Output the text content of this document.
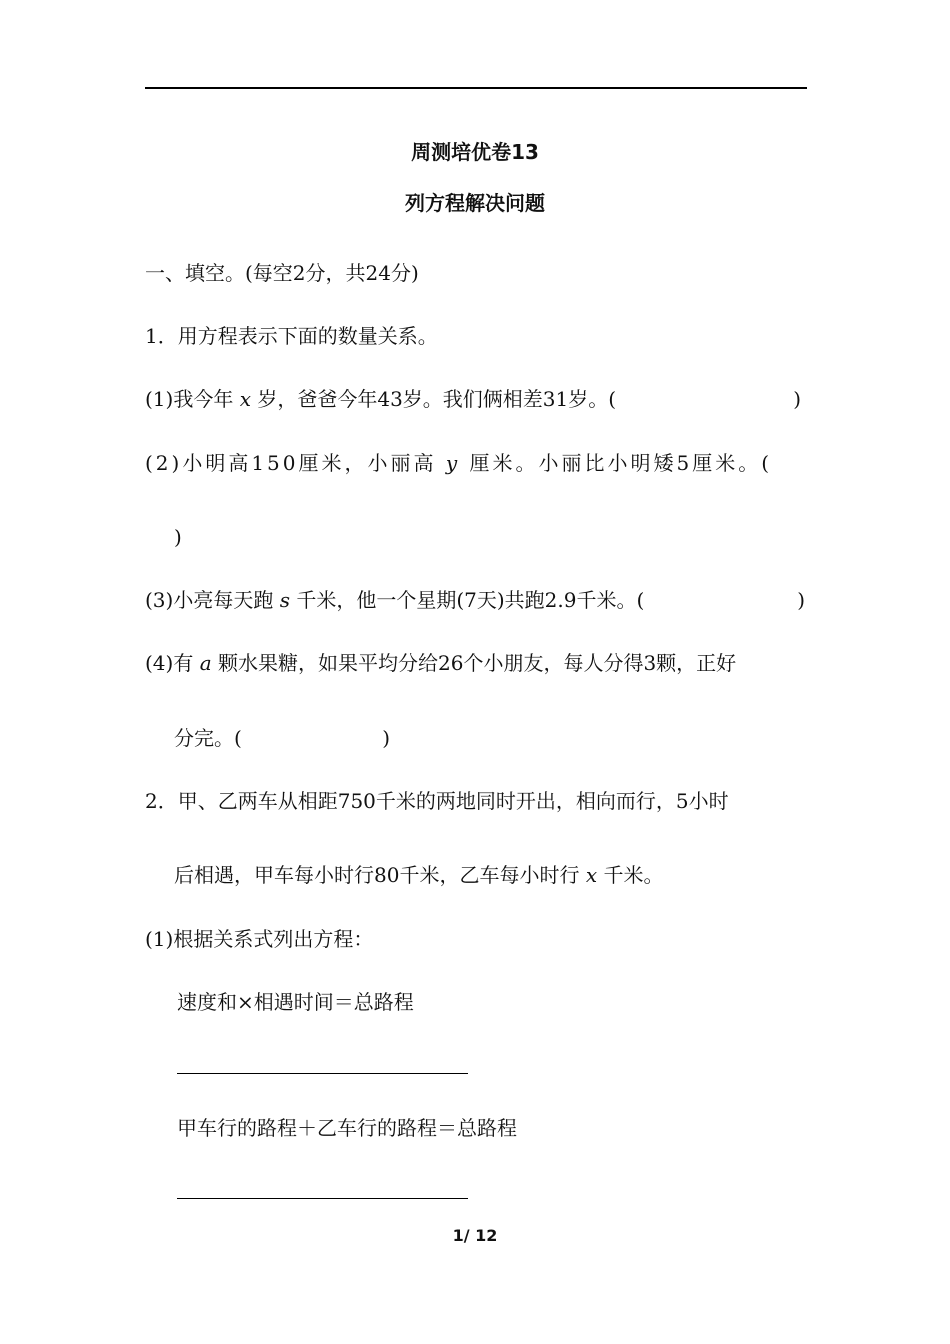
周测培优卷13
列方程解决问题
一、填空。(每空2分，共24分)
1．用方程表示下面的数量关系。
(1)我今年 x 岁，爸爸今年43岁。我们俩相差31岁。(	)
(2)小明高150厘米，小丽高 y 厘米。小丽比小明矮5厘米。(
)
(3)小亮每天跑 s 千米，他一个星期(7天)共跑2.9千米。(	)
(4)有 a 颗水果糖，如果平均分给26个小朋友，每人分得3颗，正好
分完。(	)
2．甲、乙两车从相距750千米的两地同时开出，相向而行，5小时
后相遇，甲车每小时行80千米，乙车每小时行 x 千米。
(1)根据关系式列出方程：
速度和×相遇时间＝总路程
甲车行的路程＋乙车行的路程＝总路程
1/ 12
